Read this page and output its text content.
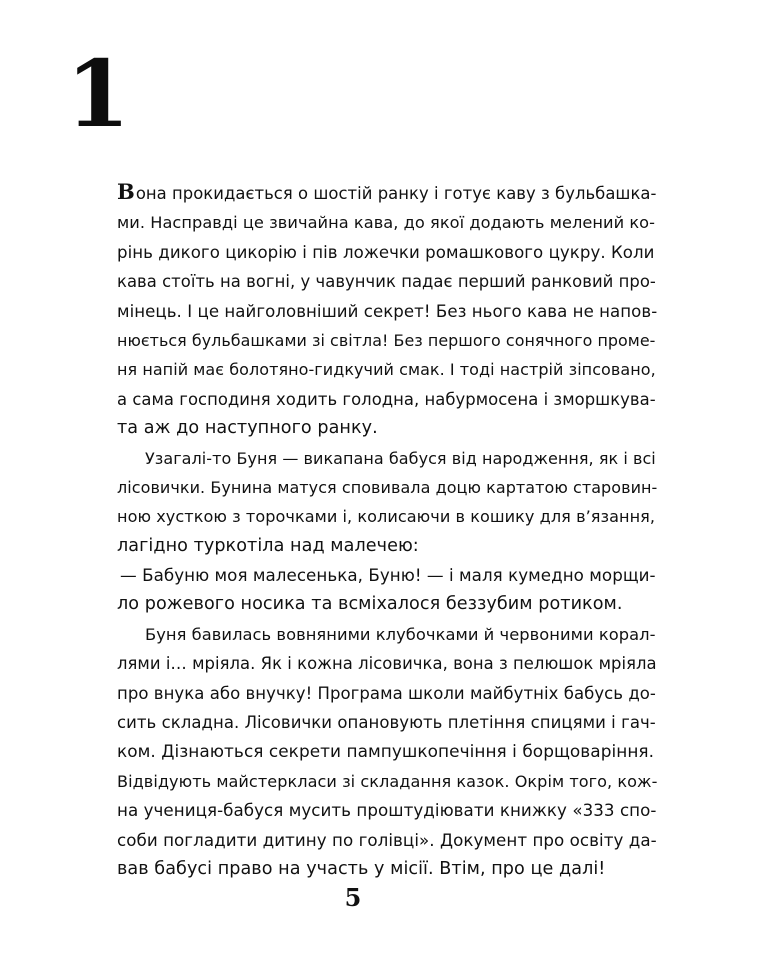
1
Вона прокидається о шостій ранку і готує каву з бульбашка-
ми. Насправді це звичайна кава, до якої додають мелений ко-
рінь дикого цикорію і пів ложечки ромашкового цукру. Коли
кава стоїть на вогні, у чавунчик падає перший ранковий про-
мінець. І це найголовніший секрет! Без нього кава не напов-
нюється бульбашками зі світла! Без першого сонячного проме-
ня напій має болотяно-гидкучий смак. І тоді настрій зіпсовано,
а сама господиня ходить голодна, набурмосена і зморшкува-
та аж до наступного ранку.
Узагалі-то Буня — викапана бабуся від народження, як і всі
лісовички. Бунина матуся сповивала доцю картатою старовин-
ною хусткою з торочками і, колисаючи в кошику для в’язання,
лагідно туркотіла над малечею:
— Бабуню моя малесенька, Буню! — і маля кумедно морщи-
ло рожевого носика та всміхалося беззубим ротиком.
Буня бавилась вовняними клубочками й червоними корал-
лями і… мріяла. Як і кожна лісовичка, вона з пелюшок мріяла
про внука або внучку! Програма школи майбутніх бабусь до-
сить складна. Лісовички опановують плетіння спицями і гач-
ком. Дізнаються секрети пампушкопечіння і борщоваріння.
Відвідують майстеркласи зі складання казок. Окрім того, кож-
на учениця-бабуся мусить проштудіювати книжку «333 спо-
соби погладити дитину по голівці». Документ про освіту да-
вав бабусі право на участь у місії. Втім, про це далі!
5
